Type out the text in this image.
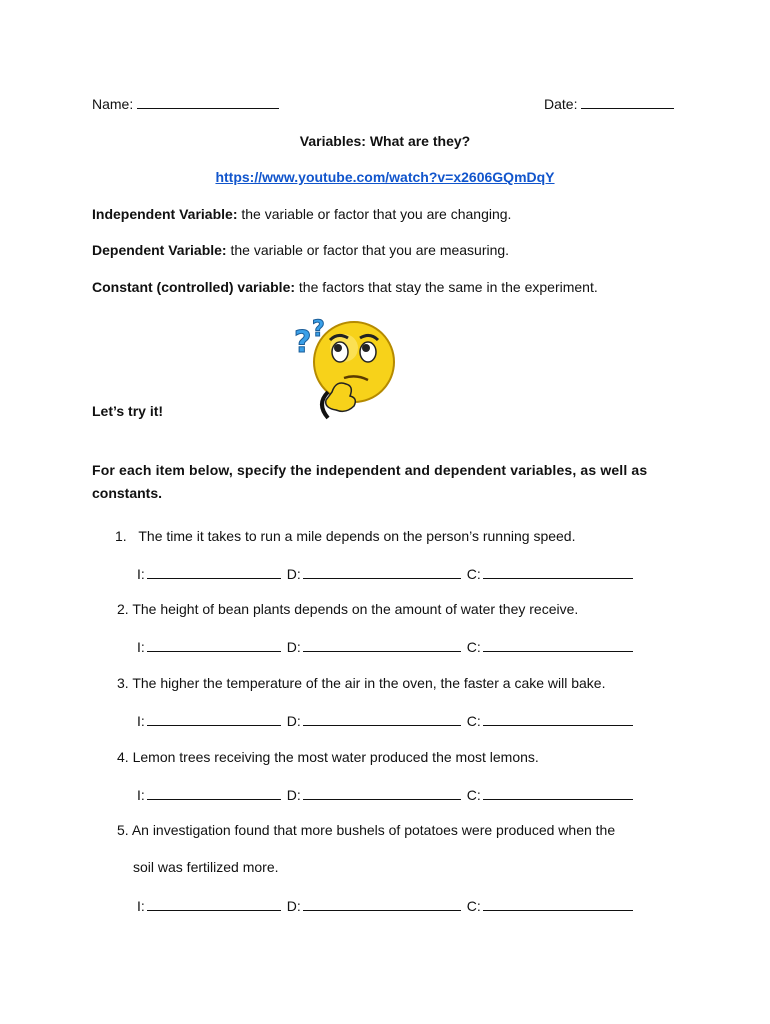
Name:	Date:
Variables: What are they?
https://www.youtube.com/watch?v=x2606GQmDqY
Independent Variable: the variable or factor that you are changing.
Dependent Variable: the variable or factor that you are measuring.
Constant (controlled) variable: the factors that stay the same in the experiment.
? ?
Let’s try it!
For each item below, specify the independent and dependent variables, as well as
constants.
1. The time it takes to run a mile depends on the person’s running speed.
I:	D:	C:
2. The height of bean plants depends on the amount of water they receive.
I:	D:	C:
3. The higher the temperature of the air in the oven, the faster a cake will bake.
I:	D:	C:
4. Lemon trees receiving the most water produced the most lemons.
I:	D:	C:
5. An investigation found that more bushels of potatoes were produced when the
soil was fertilized more.
I:	D:	C:
